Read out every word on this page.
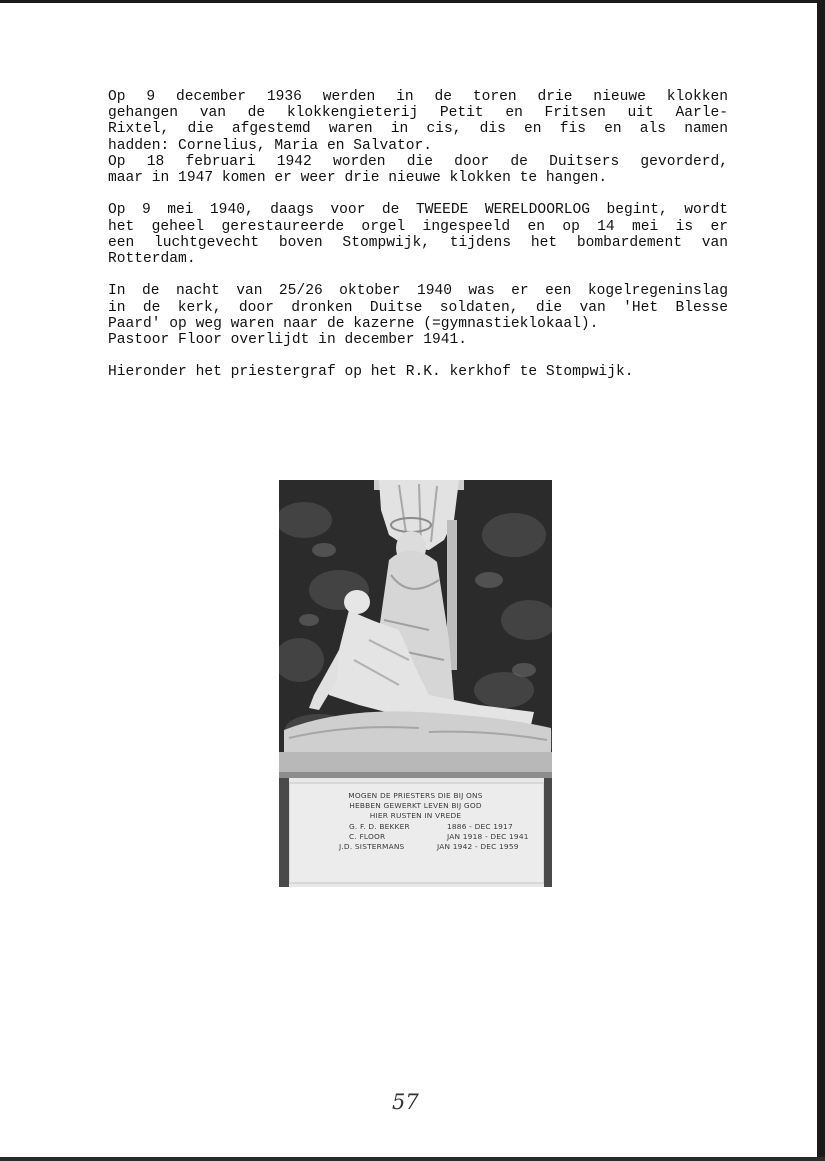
Op 9 december 1936 werden in de toren drie nieuwe klokken
gehangen van de klokkengieterij Petit en Fritsen uit Aarle-
Rixtel, die afgestemd waren in cis, dis en fis en als namen
hadden: Cornelius, Maria en Salvator.
Op 18 februari 1942 worden die door de Duitsers gevorderd,
maar in 1947 komen er weer drie nieuwe klokken te hangen.

Op 9 mei 1940, daags voor de TWEEDE WERELDOORLOG begint, wordt
het geheel gerestaureerde orgel ingespeeld en op 14 mei is er
een luchtgevecht boven Stompwijk, tijdens het bombardement van
Rotterdam.

In de nacht van 25/26 oktober 1940 was er een kogelregeninslag
in de kerk, door dronken Duitse soldaten, die van 'Het Blesse
Paard' op weg waren naar de kazerne (=gymnastieklokaal).
Pastoor Floor overlijdt in december 1941.

Hieronder het priestergraf op het R.K. kerkhof te Stompwijk.

MOGEN DE PRIESTERS DIE BIJ ONS
HEBBEN GEWERKT LEVEN BIJ GOD
HIER RUSTEN IN VREDE
G. F. D. BEKKER	1886 - DEC 1917
C. FLOOR	JAN 1918 - DEC 1941
J.D. SISTERMANS	JAN 1942 - DEC 1959
57
